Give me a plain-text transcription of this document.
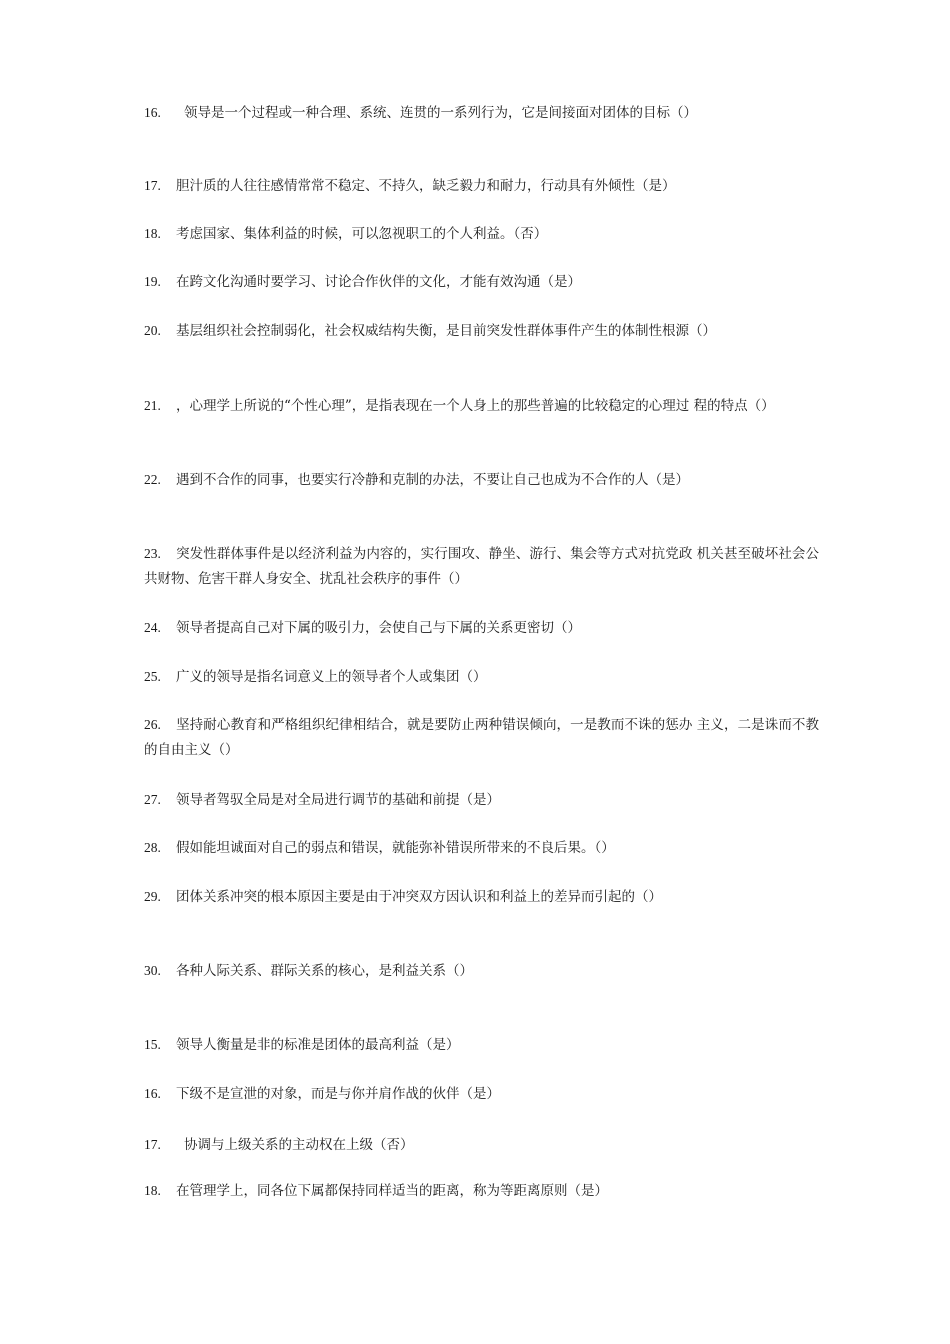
16. 领导是一个过程或一种合理、系统、连贯的一系列行为，它是间接面对团体的目标（）

17. 胆汁质的人往往感情常常不稳定、不持久，缺乏毅力和耐力，行动具有外倾性（是）

18. 考虑国家、集体利益的时候，可以忽视职工的个人利益。（否）

19. 在跨文化沟通时要学习、讨论合作伙伴的文化，才能有效沟通（是）

20. 基层组织社会控制弱化，社会权威结构失衡，是目前突发性群体事件产生的体制性根源（）

21. ，心理学上所说的“个性心理”，是指表现在一个人身上的那些普遍的比较稳定的心理过 程的特点（）

22. 遇到不合作的同事，也要实行冷静和克制的办法，不要让自己也成为不合作的人（是）

23. 突发性群体事件是以经济利益为内容的，实行围攻、静坐、游行、集会等方式对抗党政 机关甚至破坏社会公共财物、危害干群人身安全、扰乱社会秩序的事件（）

24. 领导者提高自己对下属的吸引力，会使自己与下属的关系更密切（）

25. 广义的领导是指名词意义上的领导者个人或集团（）

26. 坚持耐心教育和严格组织纪律相结合，就是要防止两种错误倾向，一是教而不诛的惩办 主义，二是诛而不教的自由主义（）

27. 领导者驾驭全局是对全局进行调节的基础和前提（是）

28. 假如能坦诚面对自己的弱点和错误，就能弥补错误所带来的不良后果。（）

29. 团体关系冲突的根本原因主要是由于冲突双方因认识和利益上的差异而引起的（）

30. 各种人际关系、群际关系的核心，是利益关系（）

15. 领导人衡量是非的标准是团体的最高利益（是）

16. 下级不是宣泄的对象，而是与你并肩作战的伙伴（是）

17. 协调与上级关系的主动权在上级（否）

18. 在管理学上，同各位下属都保持同样适当的距离，称为等距离原则（是）
